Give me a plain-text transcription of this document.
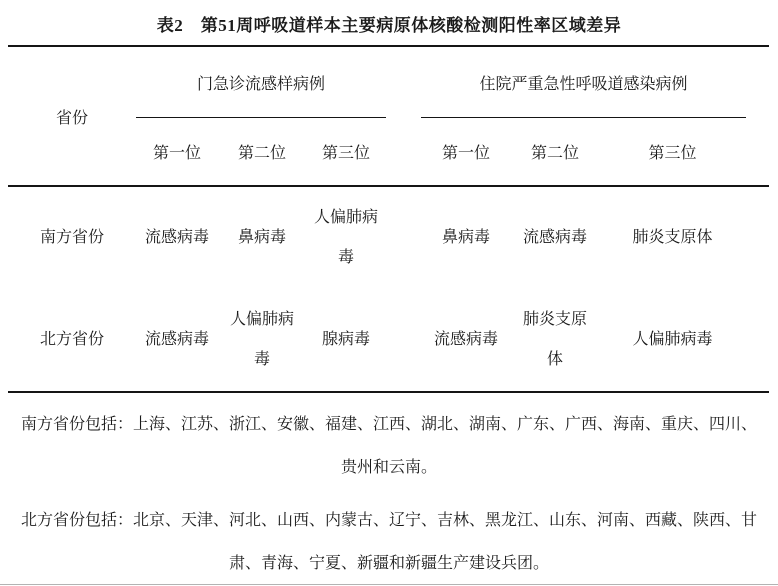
表2　第51周呼吸道样本主要病原体核酸检测阳性率区域差异
省份	门急诊流感样病例				住院严重急性呼吸道感染病例		

	第一位	第二位	第三位		第一位	第二位	第三位	
南方省份	流感病毒	鼻病毒	人偏肺病毒		鼻病毒	流感病毒	肺炎支原体	
北方省份	流感病毒	人偏肺病毒	腺病毒		流感病毒	肺炎支原体	人偏肺病毒	

南方省份包括：上海、江苏、浙江、安徽、福建、江西、湖北、湖南、广东、广西、海南、重庆、四川、贵州和云南。

北方省份包括：北京、天津、河北、山西、内蒙古、辽宁、吉林、黑龙江、山东、河南、西藏、陕西、甘肃、青海、宁夏、新疆和新疆生产建设兵团。
